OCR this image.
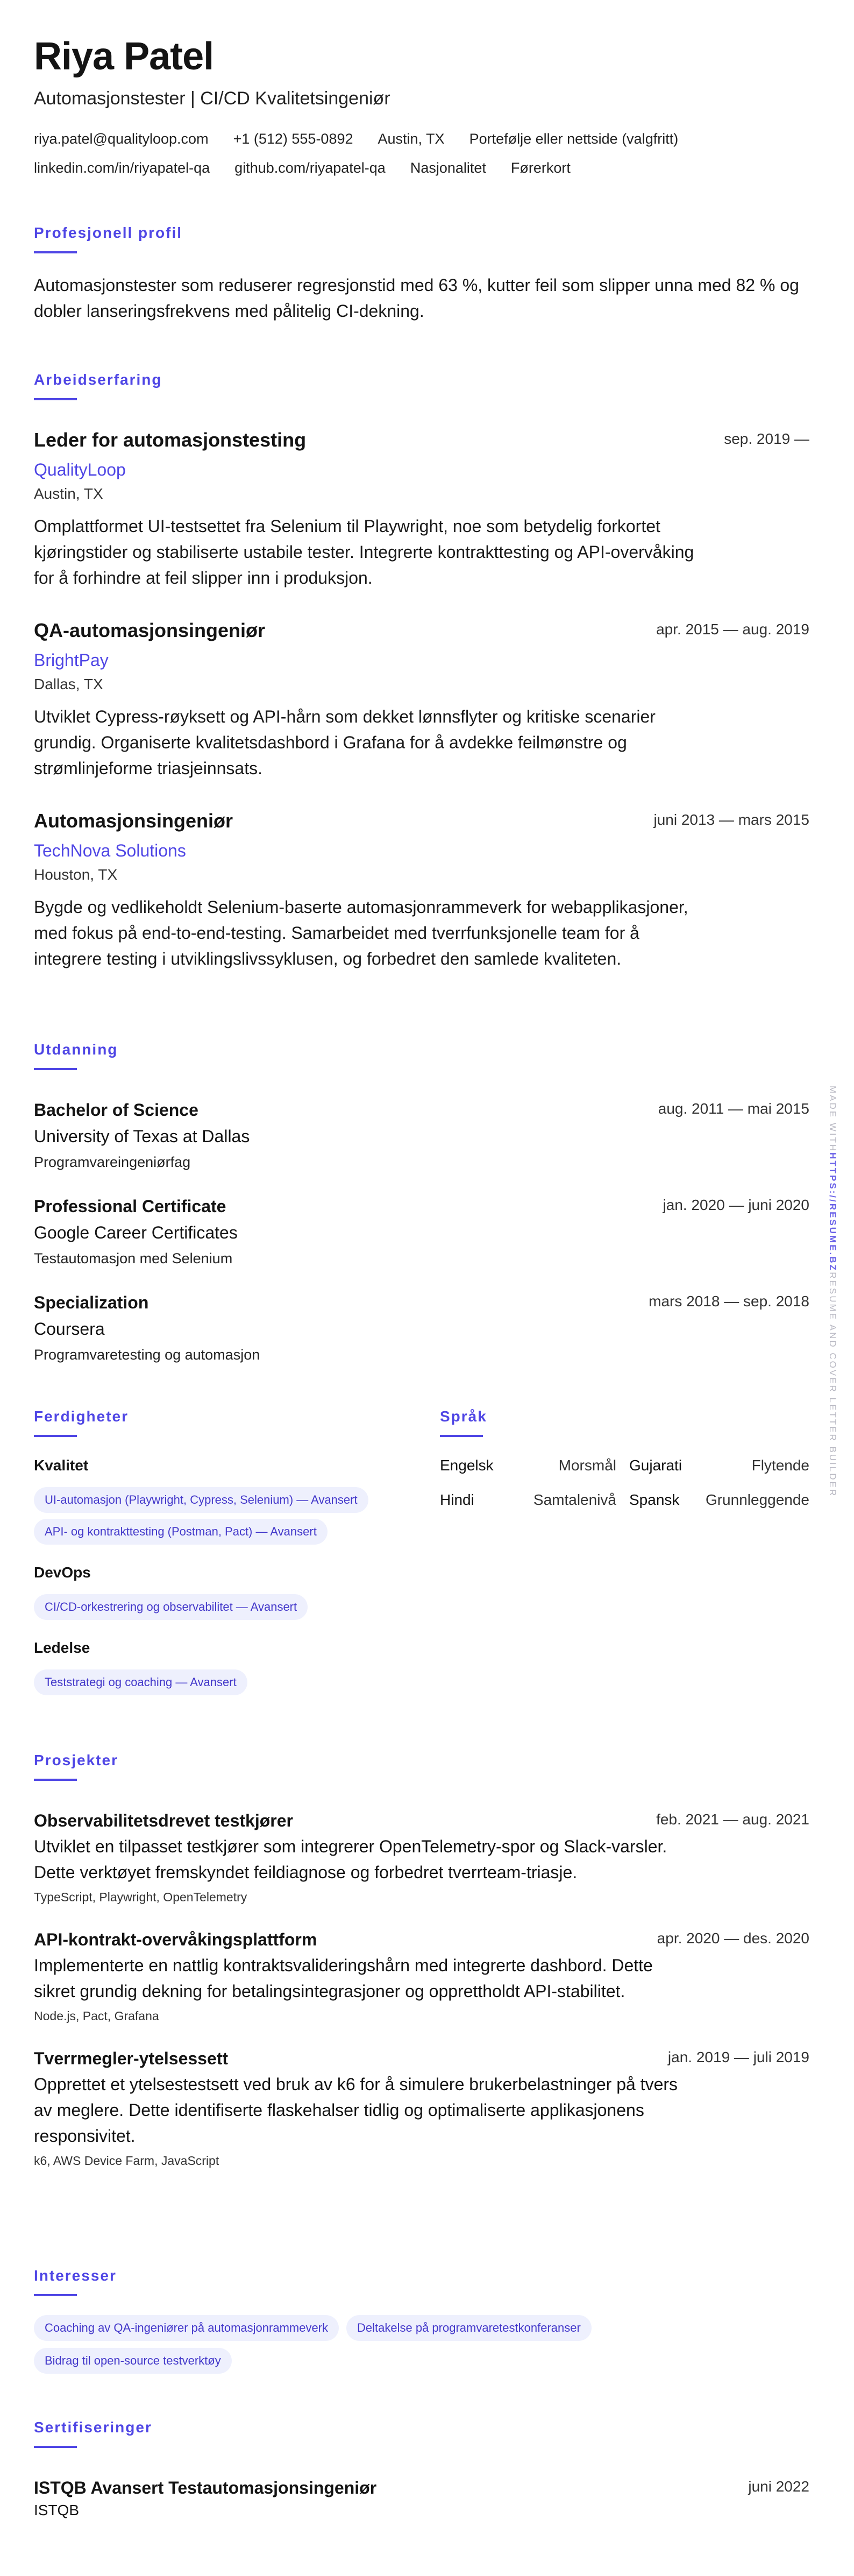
Riya Patel
Automasjonstester | CI/CD Kvalitetsingeniør
riya.patel@qualityloop.com +1 (512) 555-0892 Austin, TX Portefølje eller nettside (valgfritt)
linkedin.com/in/riyapatel-qa github.com/riyapatel-qa Nasjonalitet Førerkort
Profesjonell profil
Automasjonstester som reduserer regresjonstid med 63 %, kutter feil som slipper unna med 82 % og dobler lanseringsfrekvens med pålitelig CI-dekning.
Arbeidserfaring
sep. 2019 —
Leder for automasjonstesting
QualityLoop
Austin, TX
Omplattformet UI-testsettet fra Selenium til Playwright, noe som betydelig forkortet kjøringstider og stabiliserte ustabile tester. Integrerte kontrakttesting og API-overvåking for å forhindre at feil slipper inn i produksjon.
apr. 2015 — aug. 2019
QA-automasjonsingeniør
BrightPay
Dallas, TX
Utviklet Cypress-røyksett og API-hårn som dekket lønnsflyter og kritiske scenarier grundig. Organiserte kvalitetsdashbord i Grafana for å avdekke feilmønstre og strømlinjeforme triasjeinnsats.
juni 2013 — mars 2015
Automasjonsingeniør
TechNova Solutions
Houston, TX
Bygde og vedlikeholdt Selenium-baserte automasjonrammeverk for webapplikasjoner, med fokus på end-to-end-testing. Samarbeidet med tverrfunksjonelle team for å integrere testing i utviklingslivssyklusen, og forbedret den samlede kvaliteten.
Utdanning
aug. 2011 — mai 2015
Bachelor of Science
University of Texas at Dallas
Programvareingeniørfag
jan. 2020 — juni 2020
Professional Certificate
Google Career Certificates
Testautomasjon med Selenium
mars 2018 — sep. 2018
Specialization
Coursera
Programvaretesting og automasjon
Ferdigheter
Kvalitet
UI-automasjon (Playwright, Cypress, Selenium) — Avansert
API- og kontrakttesting (Postman, Pact) — Avansert
DevOps
CI/CD-orkestrering og observabilitet — Avansert
Ledelse
Teststrategi og coaching — Avansert
Språk
Engelsk	Morsmål Gujarati	Flytende
Hindi	Samtalenivå Spansk Grunnleggende
Prosjekter
feb. 2021 — aug. 2021
Observabilitetsdrevet testkjører
Utviklet en tilpasset testkjører som integrerer OpenTelemetry-spor og Slack-varsler. Dette verktøyet fremskyndet feildiagnose og forbedret tverrteam-triasje.
TypeScript, Playwright, OpenTelemetry
apr. 2020 — des. 2020
API-kontrakt-overvåkingsplattform
Implementerte en nattlig kontraktsvalideringshårn med integrerte dashbord. Dette sikret grundig dekning for betalingsintegrasjoner og opprettholdt API-stabilitet.
Node.js, Pact, Grafana
jan. 2019 — juli 2019
Tverrmegler-ytelsessett
Opprettet et ytelsestestsett ved bruk av k6 for å simulere brukerbelastninger på tvers av meglere. Dette identifiserte flaskehalser tidlig og optimaliserte applikasjonens responsivitet.
k6, AWS Device Farm, JavaScript
Interesser
Coaching av QA-ingeniører på automasjonrammeverk	Deltakelse på programvaretestkonferanser
Bidrag til open-source testverktøy
Sertifiseringer
juni 2022
ISTQB Avansert Testautomasjonsingeniør
ISTQB
MADE WITHHTTPS://RESUME.BZRESUME AND COVER LETTER BUILDER
